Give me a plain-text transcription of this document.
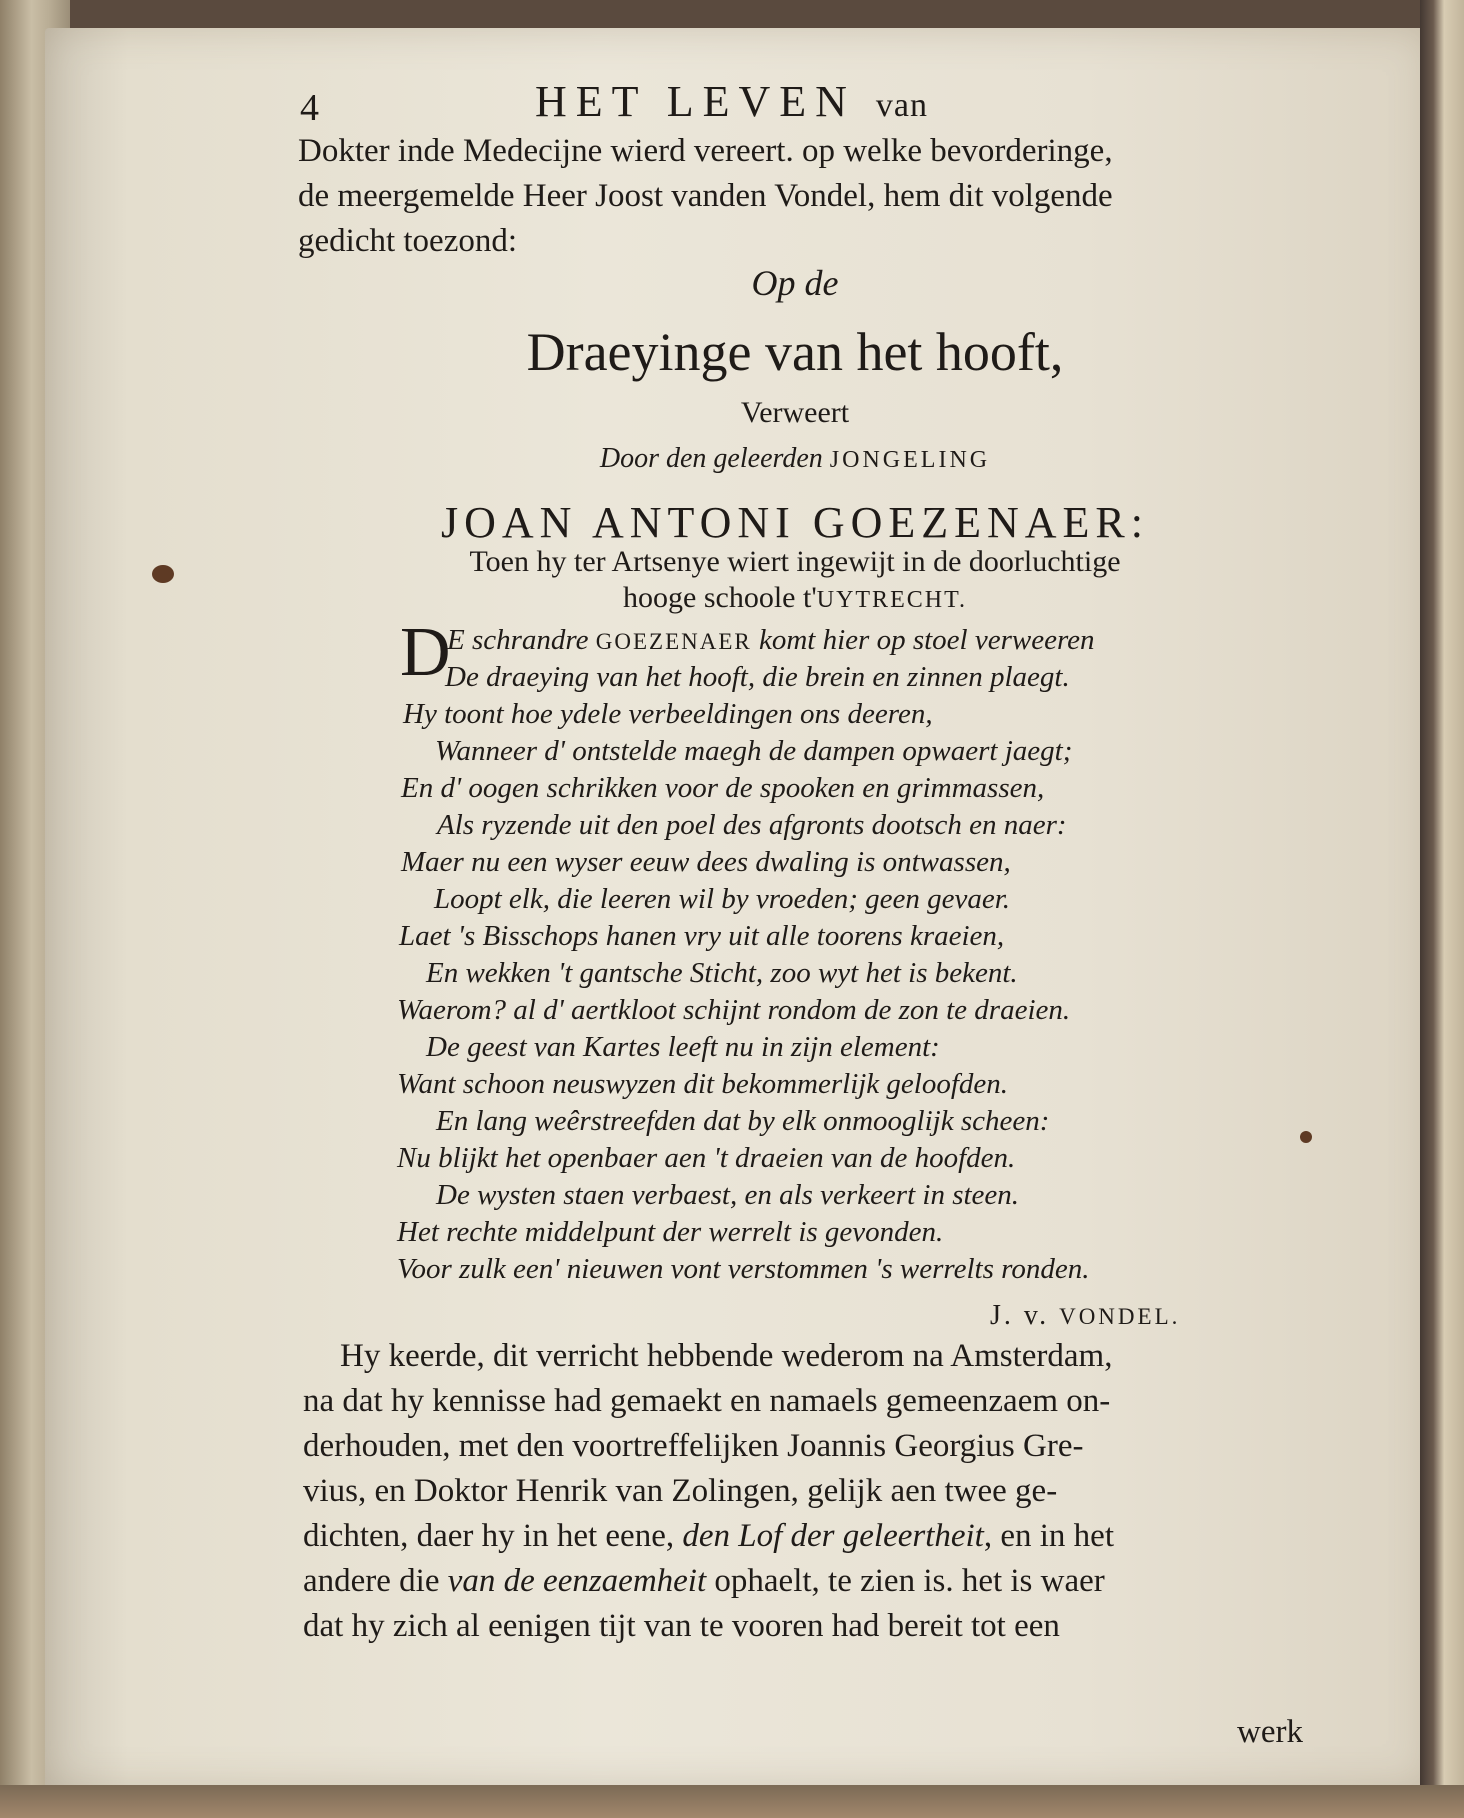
4	HET LEVEN van
Dokter inde Medecijne wierd vereert. op welke bevorderinge,
de meergemelde Heer Joost vanden Vondel, hem dit volgende
gedicht toezond:
Op de
Draeyinge van het hooft,
Verweert
Door den geleerden JONGELING
JOAN ANTONI GOEZENAER:
Toen hy ter Artsenye wiert ingewijt in de doorluchtige
hooge schoole t'UYTRECHT.
D
E schrandre GOEZENAER komt hier op stoel verweeren
De draeying van het hooft, die brein en zinnen plaegt.
Hy toont hoe ydele verbeeldingen ons deeren,
Wanneer d' ontstelde maegh de dampen opwaert jaegt;
En d' oogen schrikken voor de spooken en grimmassen,
Als ryzende uit den poel des afgronts dootsch en naer:
Maer nu een wyser eeuw dees dwaling is ontwassen,
Loopt elk, die leeren wil by vroeden; geen gevaer.
Laet 's Bisschops hanen vry uit alle toorens kraeien,
En wekken 't gantsche Sticht, zoo wyt het is bekent.
Waerom? al d' aertkloot schijnt rondom de zon te draeien.
De geest van Kartes leeft nu in zijn element:
Want schoon neuswyzen dit bekommerlijk geloofden.
En lang weêrstreefden dat by elk onmooglijk scheen:
Nu blijkt het openbaer aen 't draeien van de hoofden.
De wysten staen verbaest, en als verkeert in steen.
Het rechte middelpunt der werrelt is gevonden.
Voor zulk een' nieuwen vont verstommen 's werrelts ronden.
J. v. VONDEL.
Hy keerde, dit verricht hebbende wederom na Amsterdam,
na dat hy kennisse had gemaekt en namaels gemeenzaem on-
derhouden, met den voortreffelijken Joannis Georgius Gre-
vius, en Doktor Henrik van Zolingen, gelijk aen twee ge-
dichten, daer hy in het eene, den Lof der geleertheit, en in het
andere die van de eenzaemheit ophaelt, te zien is. het is waer
dat hy zich al eenigen tijt van te vooren had bereit tot een
werk
